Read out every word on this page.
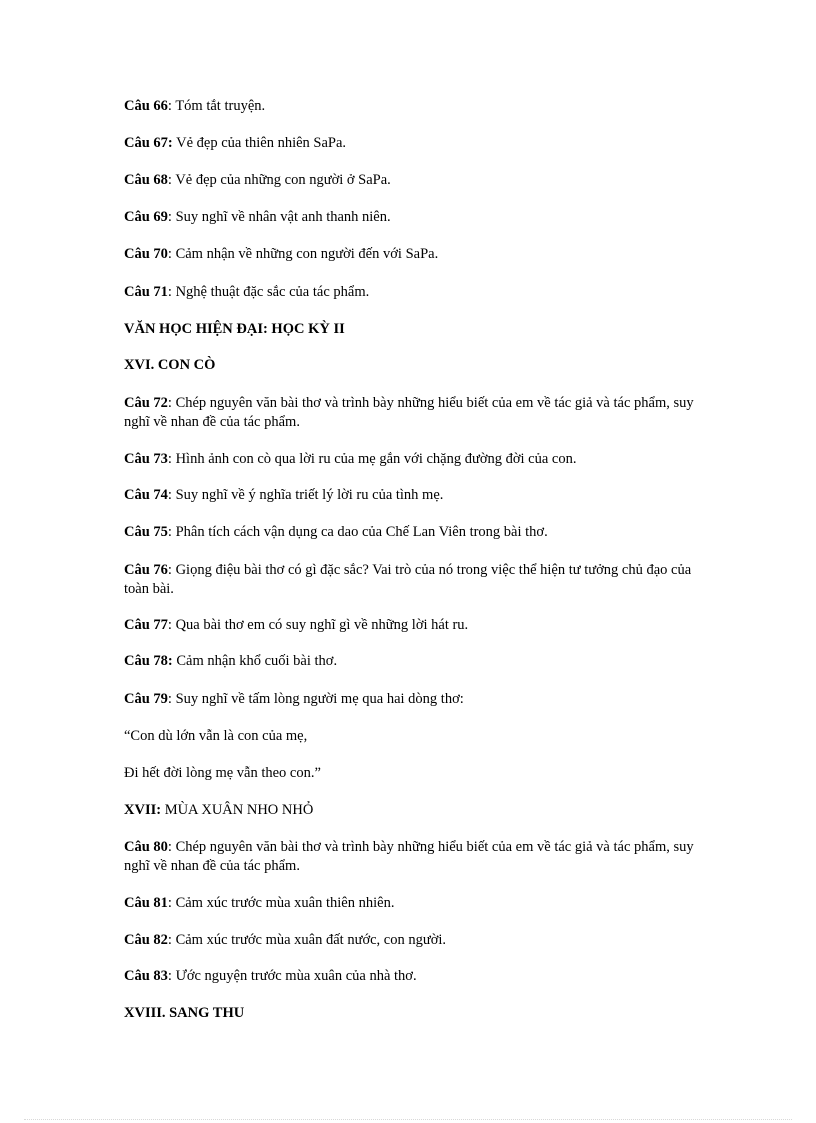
Câu 66: Tóm tắt truyện.
Câu 67: Vẻ đẹp của thiên nhiên SaPa.
Câu 68: Vẻ đẹp của những con người ở SaPa.
Câu 69: Suy nghĩ về nhân vật anh thanh niên.
Câu 70: Cảm nhận về những con người đến với SaPa.
Câu 71: Nghệ thuật đặc sắc của tác phẩm.
VĂN HỌC HIỆN ĐẠI: HỌC KỲ II
XVI. CON CÒ
Câu 72: Chép nguyên văn bài thơ và trình bày những hiểu biết của em về tác giả và tác phẩm, suy nghĩ về nhan đề của tác phẩm.
Câu 73: Hình ảnh con cò qua lời ru của mẹ gắn với chặng đường đời của con.
Câu 74: Suy nghĩ về ý nghĩa triết lý lời ru của tình mẹ.
Câu 75: Phân tích cách vận dụng ca dao của Chế Lan Viên trong bài thơ.
Câu 76: Giọng điệu bài thơ có gì đặc sắc? Vai trò của nó trong việc thể hiện tư tưởng chủ đạo của toàn bài.
Câu 77: Qua bài thơ em có suy nghĩ gì về những lời hát ru.
Câu 78: Cảm nhận khổ cuối bài thơ.
Câu 79: Suy nghĩ về tấm lòng người mẹ qua hai dòng thơ:
“Con dù lớn vẫn là con của mẹ,
Đi hết đời lòng mẹ vẫn theo con.”
XVII: MÙA XUÂN NHO NHỎ
Câu 80: Chép nguyên văn bài thơ và trình bày những hiểu biết của em về tác giả và tác phẩm, suy nghĩ về nhan đề của tác phẩm.
Câu 81: Cảm xúc trước mùa xuân thiên nhiên.
Câu 82: Cảm xúc trước mùa xuân đất nước, con người.
Câu 83: Ước nguyện trước mùa xuân của nhà thơ.
XVIII. SANG THU
